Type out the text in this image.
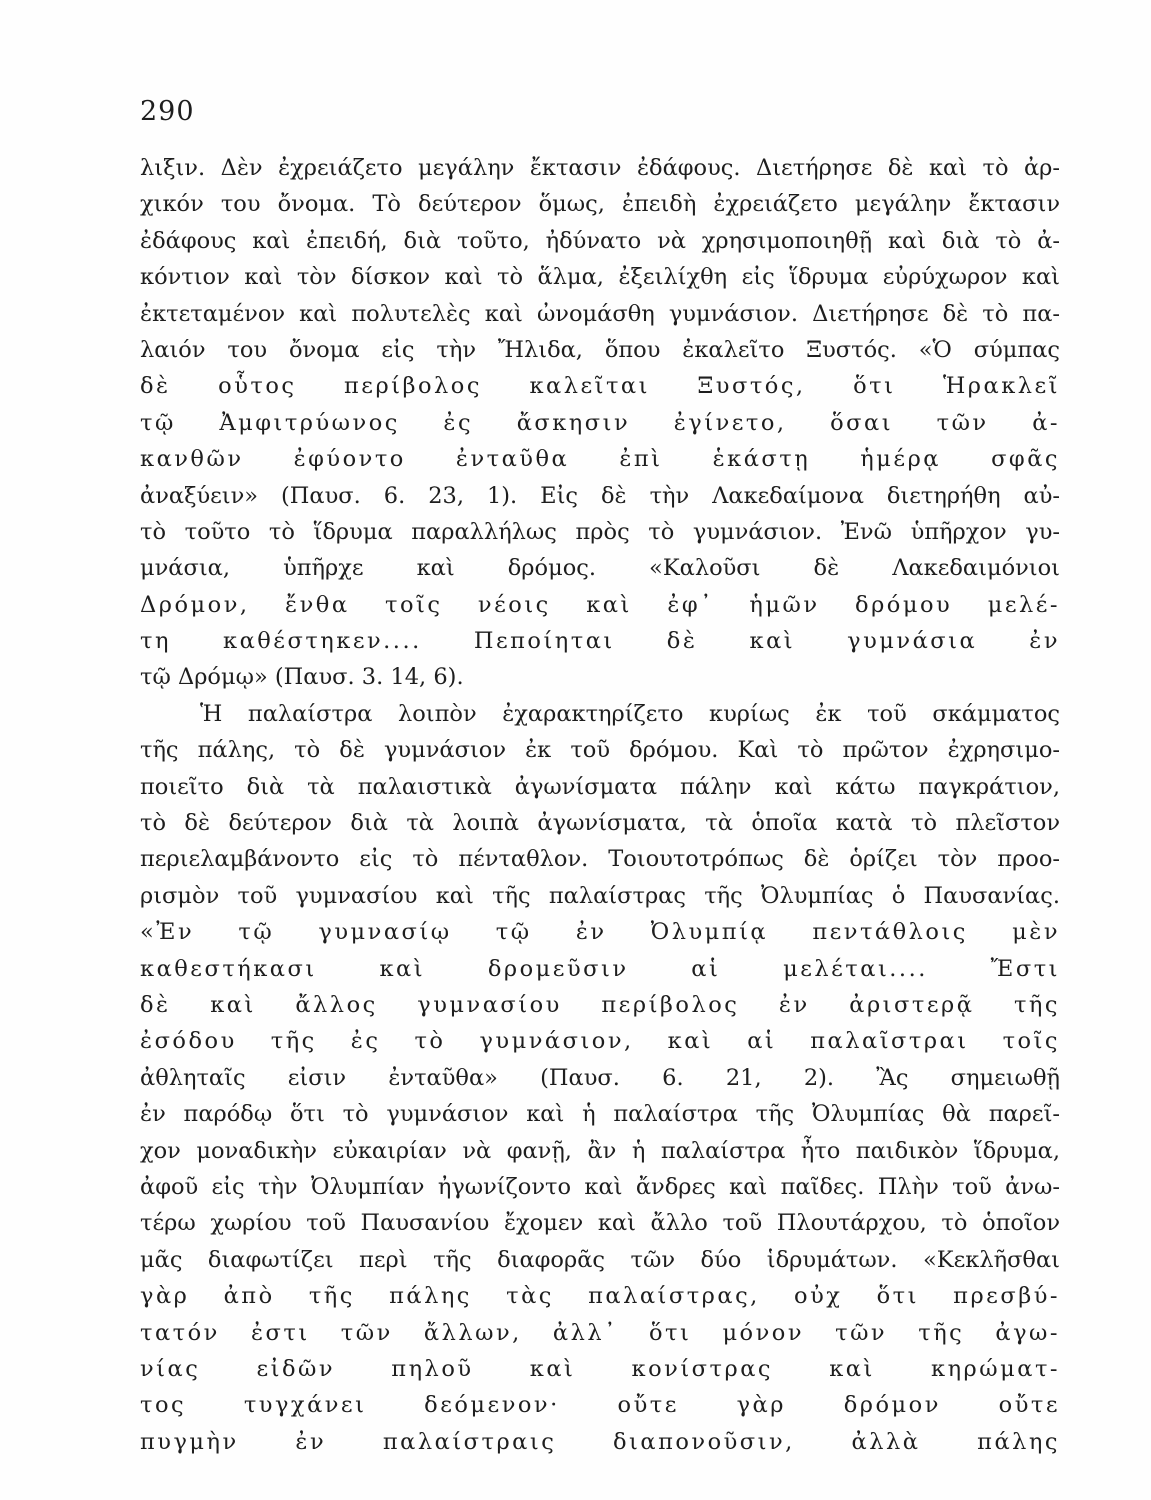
290
λιξιν. Δὲν ἐχρειάζετο μεγάλην ἔκτασιν ἐδάφους. Διετήρησε δὲ καὶ τὸ ἀρ-
χικόν του ὄνομα. Τὸ δεύτερον ὅμως, ἐπειδὴ ἐχρειάζετο μεγάλην ἔκτασιν
ἐδάφους καὶ ἐπειδή, διὰ τοῦτο, ἠδύνατο νὰ χρησιμοποιηθῇ καὶ διὰ τὸ ἀ-
κόντιον καὶ τὸν δίσκον καὶ τὸ ἅλμα, ἐξειλίχθη εἰς ἵδρυμα εὐρύχωρον καὶ
ἐκτεταμένον καὶ πολυτελὲς καὶ ὠνομάσθη γυμνάσιον. Διετήρησε δὲ τὸ πα-
λαιόν του ὄνομα εἰς τὴν Ἤλιδα, ὅπου ἐκαλεῖτο Ξυστός. «Ὁ σύμπας
δὲ οὗτος περίβολος καλεῖται Ξυστός, ὅτι Ἡρακλεῖ
τῷ Ἀμφιτρύωνος ἐς ἄσκησιν ἐγίνετο, ὅσαι τῶν ἀ-
κανθῶν ἐφύοντο ἐνταῦθα ἐπὶ ἑκάστῃ ἡμέρᾳ σφᾶς
ἀναξύειν» (Παυσ. 6. 23, 1). Εἰς δὲ τὴν Λακεδαίμονα διετηρήθη αὐ-
τὸ τοῦτο τὸ ἵδρυμα παραλλήλως πρὸς τὸ γυμνάσιον. Ἐνῶ ὑπῆρχον γυ-
μνάσια, ὑπῆρχε καὶ δρόμος. «Καλοῦσι δὲ Λακεδαιμόνιοι
Δρόμον, ἔνθα τοῖς νέοις καὶ ἐφ᾽ ἡμῶν δρόμου μελέ-
τη καθέστηκεν.... Πεποίηται δὲ καὶ γυμνάσια ἐν
τῷ Δρόμῳ» (Παυσ. 3. 14, 6).
Ἡ παλαίστρα λοιπὸν ἐχαρακτηρίζετο κυρίως ἐκ τοῦ σκάμματος
τῆς πάλης, τὸ δὲ γυμνάσιον ἐκ τοῦ δρόμου. Καὶ τὸ πρῶτον ἐχρησιμο-
ποιεῖτο διὰ τὰ παλαιστικὰ ἀγωνίσματα πάλην καὶ κάτω παγκράτιον,
τὸ δὲ δεύτερον διὰ τὰ λοιπὰ ἀγωνίσματα, τὰ ὁποῖα κατὰ τὸ πλεῖστον
περιελαμβάνοντο εἰς τὸ πένταθλον. Τοιουτοτρόπως δὲ ὁρίζει τὸν προο-
ρισμὸν τοῦ γυμνασίου καὶ τῆς παλαίστρας τῆς Ὀλυμπίας ὁ Παυσανίας.
«Ἐν τῷ γυμνασίῳ τῷ ἐν Ὀλυμπίᾳ πεντάθλοις μὲν
καθεστήκασι καὶ δρομεῦσιν αἱ μελέται.... Ἔστι
δὲ καὶ ἄλλος γυμνασίου περίβολος ἐν ἀριστερᾷ τῆς
ἐσόδου τῆς ἐς τὸ γυμνάσιον, καὶ αἱ παλαῖστραι τοῖς
ἀθληταῖς εἰσιν ἐνταῦθα» (Παυσ. 6. 21, 2). Ἂς σημειωθῇ
ἐν παρόδῳ ὅτι τὸ γυμνάσιον καὶ ἡ παλαίστρα τῆς Ὀλυμπίας θὰ παρεῖ-
χον μοναδικὴν εὐκαιρίαν νὰ φανῇ, ἂν ἡ παλαίστρα ἦτο παιδικὸν ἵδρυμα,
ἀφοῦ εἰς τὴν Ὀλυμπίαν ἠγωνίζοντο καὶ ἄνδρες καὶ παῖδες. Πλὴν τοῦ ἀνω-
τέρω χωρίου τοῦ Παυσανίου ἔχομεν καὶ ἄλλο τοῦ Πλουτάρχου, τὸ ὁποῖον
μᾶς διαφωτίζει περὶ τῆς διαφορᾶς τῶν δύο ἱδρυμάτων. «Κεκλῆσθαι
γὰρ ἀπὸ τῆς πάλης τὰς παλαίστρας, οὐχ ὅτι πρεσβύ-
τατόν ἐστι τῶν ἄλλων, ἀλλ᾽ ὅτι μόνον τῶν τῆς ἀγω-
νίας εἰδῶν πηλοῦ καὶ κονίστρας καὶ κηρώματ-
τος τυγχάνει δεόμενον· οὔτε γὰρ δρόμον οὔτε
πυγμὴν ἐν παλαίστραις διαπονοῦσιν, ἀλλὰ πάλης
